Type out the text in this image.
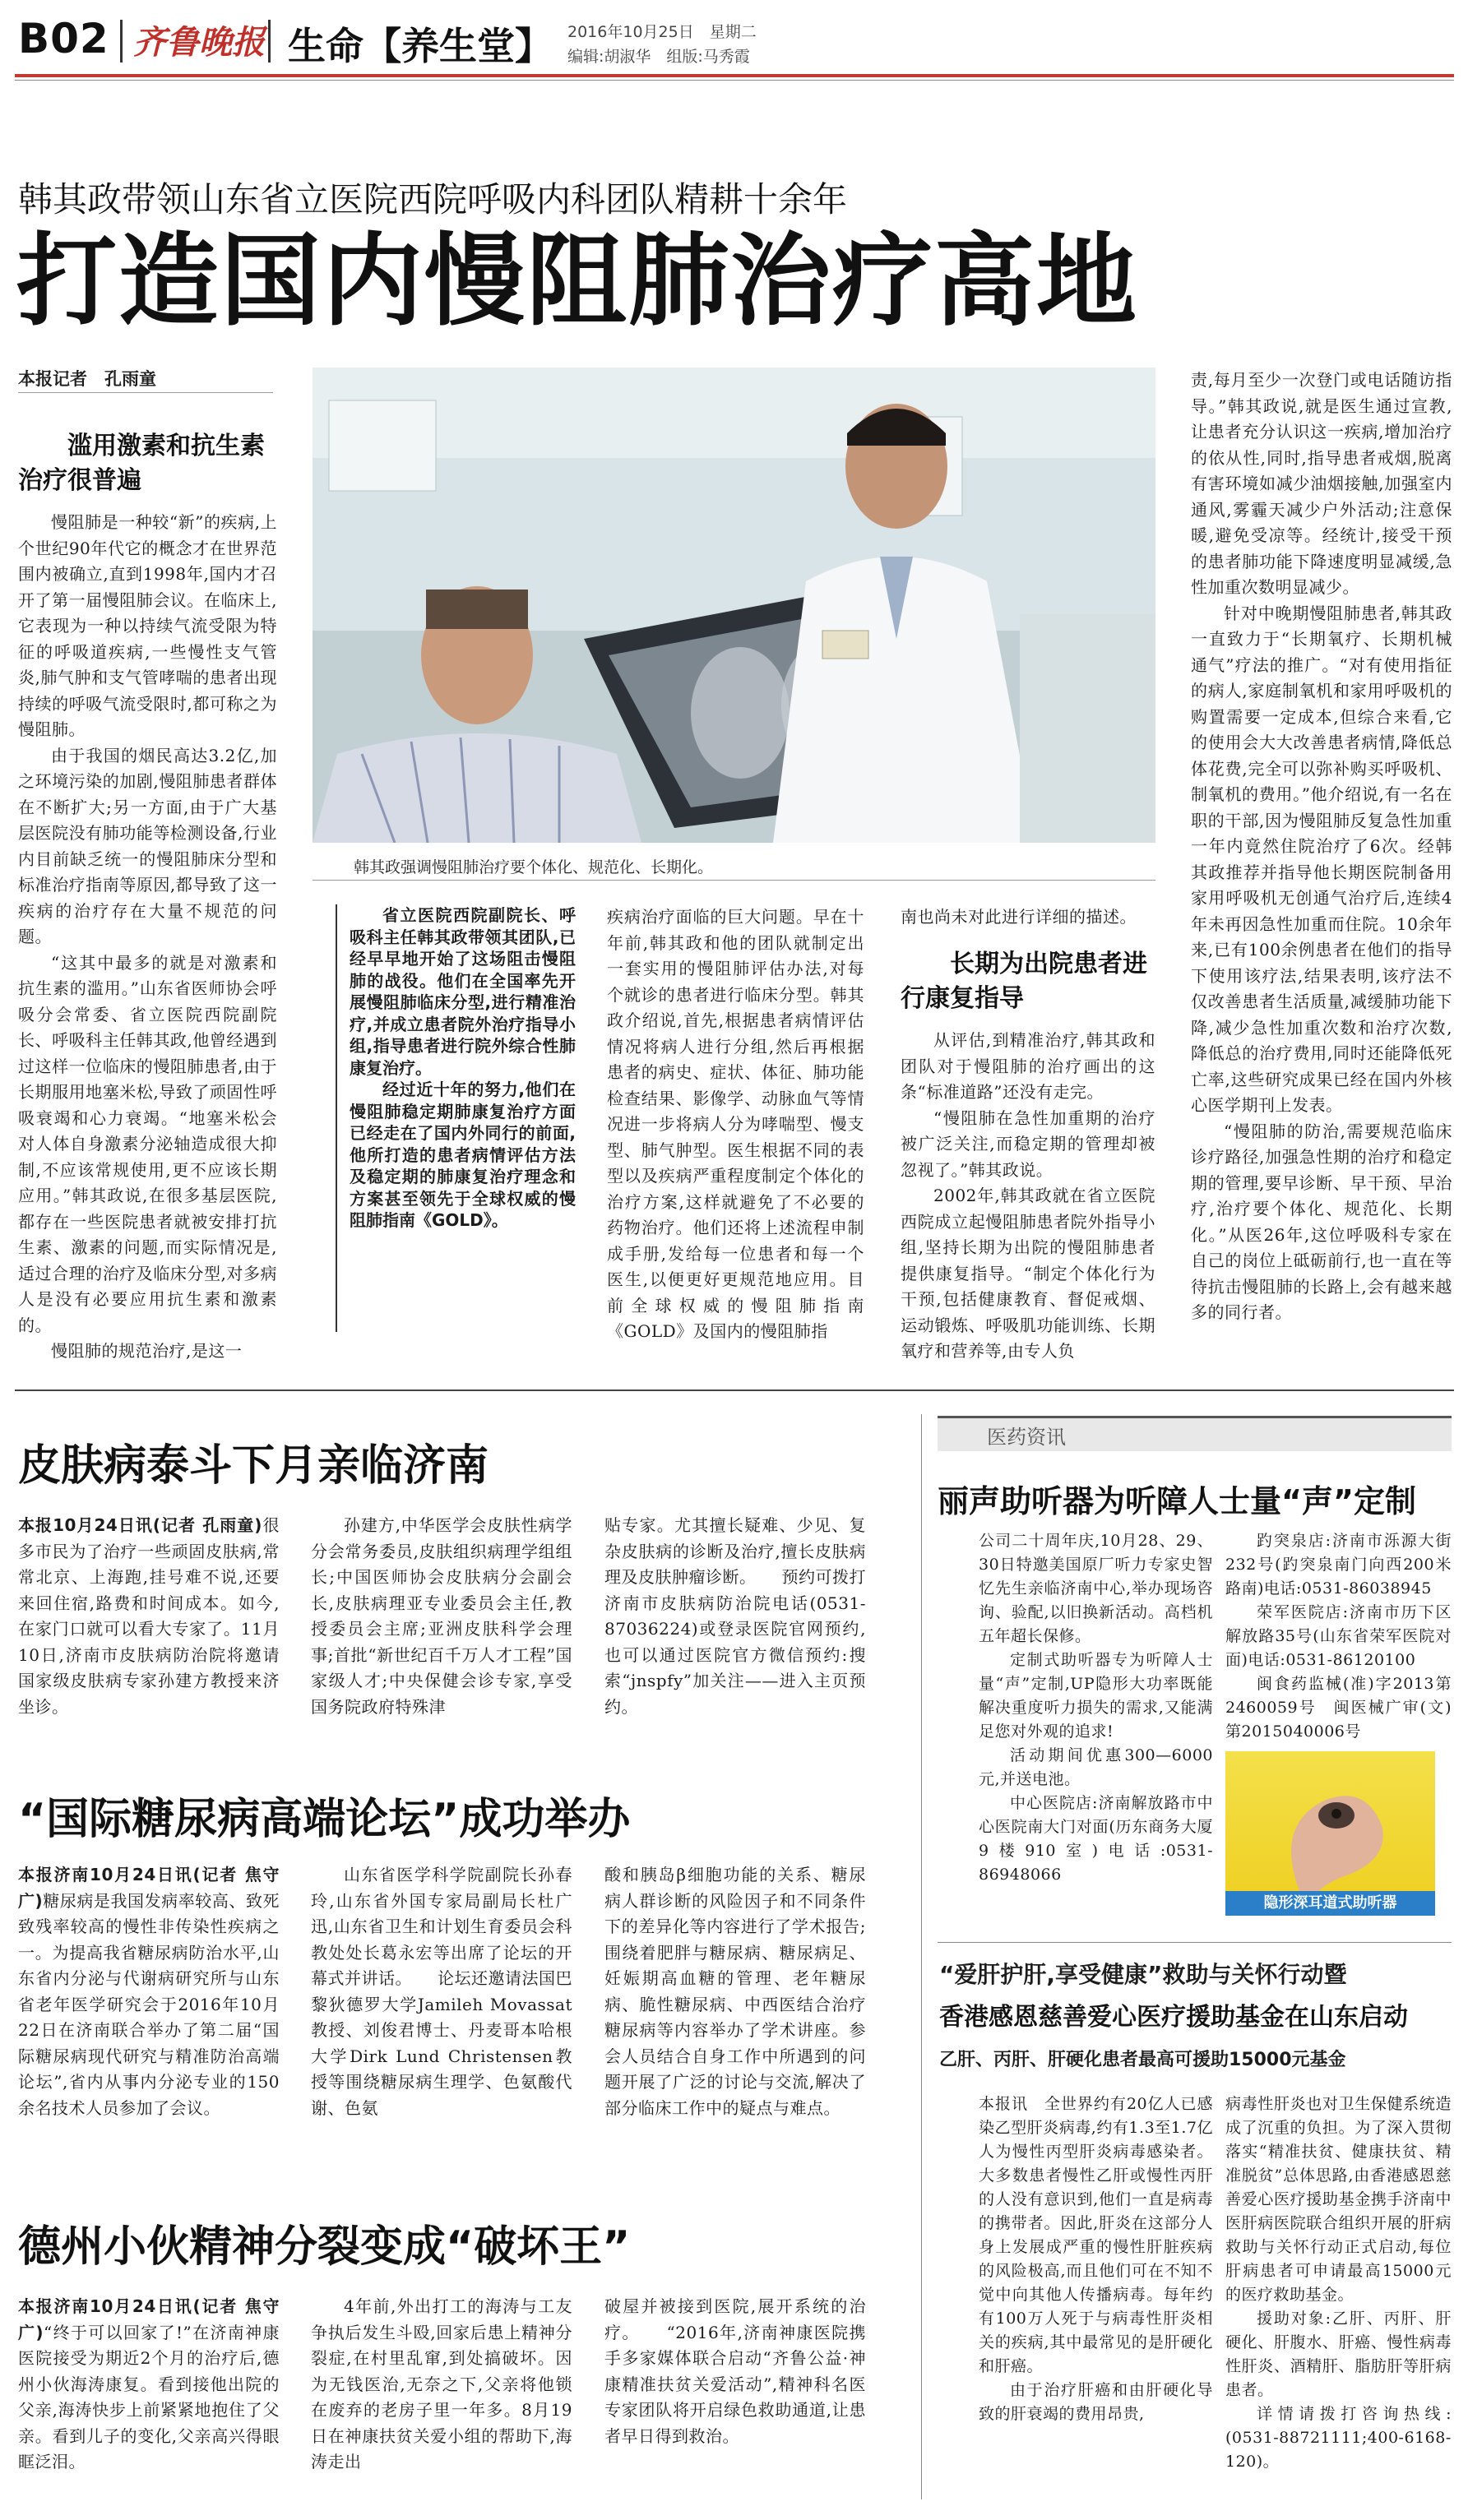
B02 齐鲁晚报 生命【养生堂】 2016年10月25日　星期二
编辑:胡淑华　组版:马秀霞
韩其政带领山东省立医院西院呼吸内科团队精耕十余年
打造国内慢阻肺治疗高地
本报记者　孔雨童
滥用激素和抗生素治疗很普遍

慢阻肺是一种较“新”的疾病,上个世纪90年代它的概念才在世界范围内被确立,直到1998年,国内才召开了第一届慢阻肺会议。在临床上,它表现为一种以持续气流受限为特征的呼吸道疾病,一些慢性支气管炎,肺气肿和支气管哮喘的患者出现持续的呼吸气流受限时,都可称之为慢阻肺。

由于我国的烟民高达3.2亿,加之环境污染的加剧,慢阻肺患者群体在不断扩大;另一方面,由于广大基层医院没有肺功能等检测设备,行业内目前缺乏统一的慢阻肺床分型和标准治疗指南等原因,都导致了这一疾病的治疗存在大量不规范的问题。

“这其中最多的就是对激素和抗生素的滥用。”山东省医师协会呼吸分会常委、省立医院西院副院长、呼吸科主任韩其政,他曾经遇到过这样一位临床的慢阻肺患者,由于长期服用地塞米松,导致了顽固性呼吸衰竭和心力衰竭。“地塞米松会对人体自身激素分泌轴造成很大抑制,不应该常规使用,更不应该长期应用。”韩其政说,在很多基层医院,都存在一些医院患者就被安排打抗生素、激素的问题,而实际情况是,适过合理的治疗及临床分型,对多病人是没有必要应用抗生素和激素的。

慢阻肺的规范治疗,是这一

韩其政强调慢阻肺治疗要个体化、规范化、长期化。

省立医院西院副院长、呼吸科主任韩其政带领其团队,已经早早地开始了这场阻击慢阻肺的战役。他们在全国率先开展慢阻肺临床分型,进行精准治疗,并成立患者院外治疗指导小组,指导患者进行院外综合性肺康复治疗。

经过近十年的努力,他们在慢阻肺稳定期肺康复治疗方面已经走在了国内外同行的前面,他所打造的患者病情评估方法及稳定期的肺康复治疗理念和方案甚至领先于全球权威的慢阻肺指南《GOLD》。

疾病治疗面临的巨大问题。早在十年前,韩其政和他的团队就制定出一套实用的慢阻肺评估办法,对每个就诊的患者进行临床分型。韩其政介绍说,首先,根据患者病情评估情况将病人进行分组,然后再根据患者的病史、症状、体征、肺功能检查结果、影像学、动脉血气等情况进一步将病人分为哮喘型、慢支型、肺气肿型。医生根据不同的表型以及疾病严重程度制定个体化的治疗方案,这样就避免了不必要的药物治疗。他们还将上述流程申制成手册,发给每一位患者和每一个医生,以便更好更规范地应用。目前全球权威的慢阻肺指南《GOLD》及国内的慢阻肺指

南也尚未对此进行详细的描述。

长期为出院患者进行康复指导

从评估,到精准治疗,韩其政和团队对于慢阻肺的治疗画出的这条“标准道路”还没有走完。

“慢阻肺在急性加重期的治疗被广泛关注,而稳定期的管理却被忽视了。”韩其政说。

2002年,韩其政就在省立医院西院成立起慢阻肺患者院外指导小组,坚持长期为出院的慢阻肺患者提供康复指导。“制定个体化行为干预,包括健康教育、督促戒烟、运动锻炼、呼吸肌功能训练、长期氧疗和营养等,由专人负

责,每月至少一次登门或电话随访指导。”韩其政说,就是医生通过宣教,让患者充分认识这一疾病,增加治疗的依从性,同时,指导患者戒烟,脱离有害环境如减少油烟接触,加强室内通风,雾霾天减少户外活动;注意保暖,避免受凉等。经统计,接受干预的患者肺功能下降速度明显减缓,急性加重次数明显减少。

针对中晚期慢阻肺患者,韩其政一直致力于“长期氧疗、长期机械通气”疗法的推广。“对有使用指征的病人,家庭制氧机和家用呼吸机的购置需要一定成本,但综合来看,它的使用会大大改善患者病情,降低总体花费,完全可以弥补购买呼吸机、制氧机的费用。”他介绍说,有一名在职的干部,因为慢阻肺反复急性加重一年内竟然住院治疗了6次。经韩其政推荐并指导他长期医院制备用家用呼吸机无创通气治疗后,连续4年未再因急性加重而住院。10余年来,已有100余例患者在他们的指导下使用该疗法,结果表明,该疗法不仅改善患者生活质量,减缓肺功能下降,减少急性加重次数和治疗次数,降低总的治疗费用,同时还能降低死亡率,这些研究成果已经在国内外核心医学期刊上发表。

“慢阻肺的防治,需要规范临床诊疗路径,加强急性期的治疗和稳定期的管理,要早诊断、早干预、早治疗,治疗要个体化、规范化、长期化。”从医26年,这位呼吸科专家在自己的岗位上砥砺前行,也一直在等待抗击慢阻肺的长路上,会有越来越多的同行者。

皮肤病泰斗下月亲临济南

本报10月24日讯(记者 孔雨童)很多市民为了治疗一些顽固皮肤病,常常北京、上海跑,挂号难不说,还要来回住宿,路费和时间成本。如今,在家门口就可以看大专家了。11月10日,济南市皮肤病防治院将邀请国家级皮肤病专家孙建方教授来济坐诊。

孙建方,中华医学会皮肤性病学分会常务委员,皮肤组织病理学组组长;中国医师协会皮肤病分会副会长,皮肤病理亚专业委员会主任,教授委员会主席;亚洲皮肤科学会理事;首批“新世纪百千万人才工程”国家级人才;中央保健会诊专家,享受国务院政府特殊津

贴专家。尤其擅长疑难、少见、复杂皮肤病的诊断及治疗,擅长皮肤病理及皮肤肿瘤诊断。　　预约可拨打济南市皮肤病防治院电话(0531-87036224)或登录医院官网预约,也可以通过医院官方微信预约:搜索“jnspfy”加关注——进入主页预约。

“国际糖尿病高端论坛”成功举办

本报济南10月24日讯(记者 焦守广)糖尿病是我国发病率较高、致死致残率较高的慢性非传染性疾病之一。为提高我省糖尿病防治水平,山东省内分泌与代谢病研究所与山东省老年医学研究会于2016年10月22日在济南联合举办了第二届“国际糖尿病现代研究与精准防治高端论坛”,省内从事内分泌专业的150余名技术人员参加了会议。

山东省医学科学院副院长孙春玲,山东省外国专家局副局长杜广迅,山东省卫生和计划生育委员会科教处处长葛永宏等出席了论坛的开幕式并讲话。　　论坛还邀请法国巴黎狄德罗大学Jamileh Movassat教授、刘俊君博士、丹麦哥本哈根大学Dirk Lund Christensen教授等围绕糖尿病生理学、色氨酸代谢、色氨

酸和胰岛β细胞功能的关系、糖尿病人群诊断的风险因子和不同条件下的差异化等内容进行了学术报告;围绕着肥胖与糖尿病、糖尿病足、妊娠期高血糖的管理、老年糖尿病、脆性糖尿病、中西医结合治疗糖尿病等内容举办了学术讲座。参会人员结合自身工作中所遇到的问题开展了广泛的讨论与交流,解决了部分临床工作中的疑点与难点。

德州小伙精神分裂变成“破坏王”

本报济南10月24日讯(记者 焦守广)“终于可以回家了!”在济南神康医院接受为期近2个月的治疗后,德州小伙海涛康复。看到接他出院的父亲,海涛快步上前紧紧地抱住了父亲。看到儿子的变化,父亲高兴得眼眶泛泪。

4年前,外出打工的海涛与工友争执后发生斗殴,回家后患上精神分裂症,在村里乱窜,到处搞破坏。因为无钱医治,无奈之下,父亲将他锁在废弃的老房子里一年多。8月19日在神康扶贫关爱小组的帮助下,海涛走出

破屋并被接到医院,展开系统的治疗。　　“2016年,济南神康医院携手多家媒体联合启动“齐鲁公益·神康精准扶贫关爱活动”,精神科名医专家团队将开启绿色救助通道,让患者早日得到救治。

医药资讯
丽声助听器为听障人士量“声”定制

公司二十周年庆,10月28、29、30日特邀美国原厂听力专家史智忆先生亲临济南中心,举办现场咨询、验配,以旧换新活动。高档机五年超长保修。

定制式助听器专为听障人士量“声”定制,UP隐形大功率既能解决重度听力损失的需求,又能满足您对外观的追求!

活动期间优惠300—6000元,并送电池。

中心医院店:济南解放路市中心医院南大门对面(历东商务大厦9楼910室)电话:0531-86948066

趵突泉店:济南市泺源大街232号(趵突泉南门向西200米路南)电话:0531-86038945

荣军医院店:济南市历下区解放路35号(山东省荣军医院对面)电话:0531-86120100

闽食药监械(准)字2013第2460059号　闽医械广审(文)第2015040006号

隐形深耳道式助听器
“爱肝护肝,享受健康”救助与关怀行动暨
香港感恩慈善爱心医疗援助基金在山东启动
乙肝、丙肝、肝硬化患者最高可援助15000元基金

本报讯　全世界约有20亿人已感染乙型肝炎病毒,约有1.3至1.7亿人为慢性丙型肝炎病毒感染者。大多数患者慢性乙肝或慢性丙肝的人没有意识到,他们一直是病毒的携带者。因此,肝炎在这部分人身上发展成严重的慢性肝脏疾病的风险极高,而且他们可在不知不觉中向其他人传播病毒。每年约有100万人死于与病毒性肝炎相关的疾病,其中最常见的是肝硬化和肝癌。

由于治疗肝癌和由肝硬化导致的肝衰竭的费用昂贵,

病毒性肝炎也对卫生保健系统造成了沉重的负担。为了深入贯彻落实“精准扶贫、健康扶贫、精准脱贫”总体思路,由香港感恩慈善爱心医疗援助基金携手济南中医肝病医院联合组织开展的肝病救助与关怀行动正式启动,每位肝病患者可申请最高15000元的医疗救助基金。

援助对象:乙肝、丙肝、肝硬化、肝腹水、肝癌、慢性病毒性肝炎、酒精肝、脂肪肝等肝病患者。

详情请拨打咨询热线:(0531-88721111;400-6168-120)。
